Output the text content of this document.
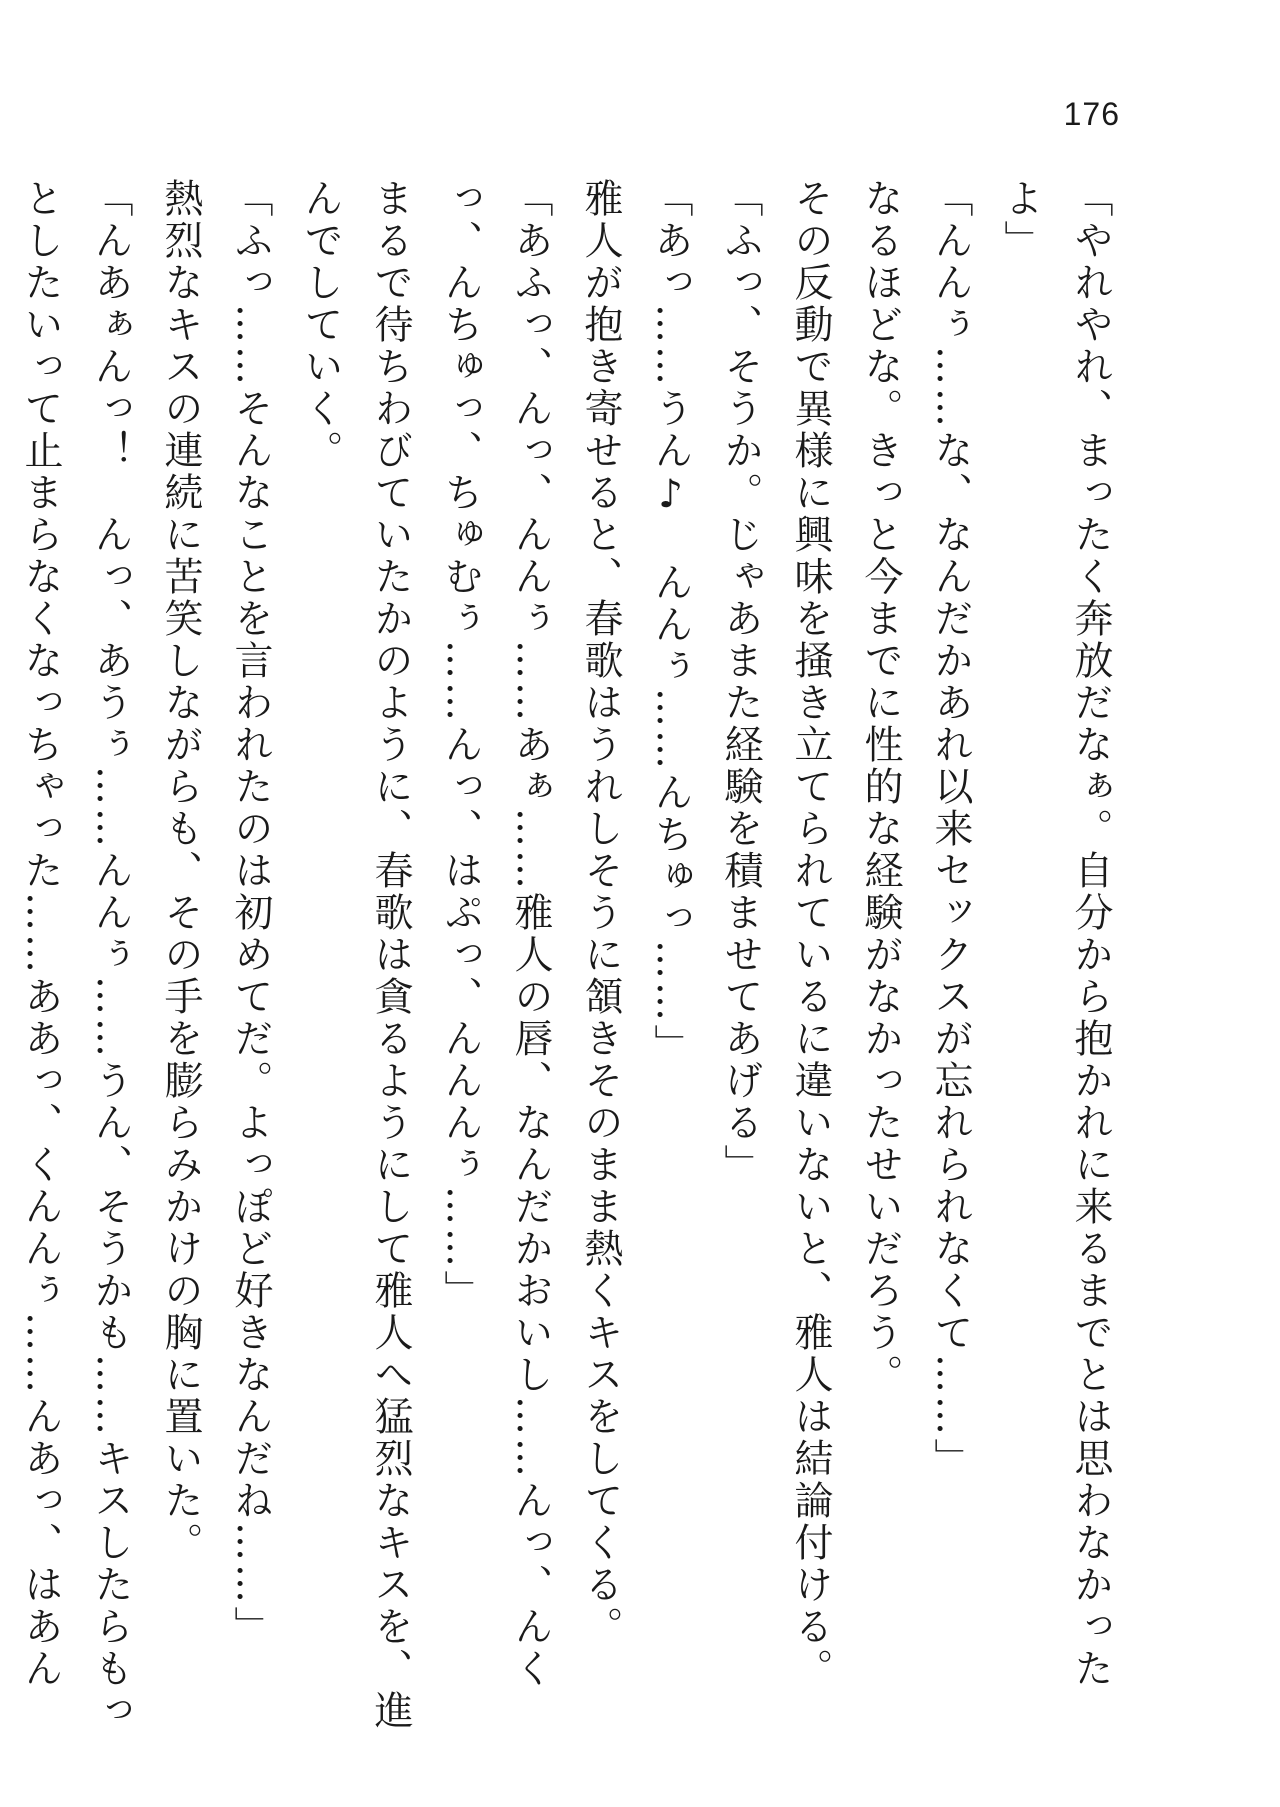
176

「やれやれ、まったく奔放だなぁ。自分から抱かれに来るまでとは思わなかったよ」

「んんぅ……な、なんだかあれ以来セックスが忘れられなくて……」

なるほどな。きっと今までに性的な経験がなかったせいだろう。

その反動で異様に興味を掻き立てられているに違いないと、雅人は結論付ける。

「ふっ、そうか。じゃあまた経験を積ませてあげる」

「あっ……うん♪　んんぅ……んちゅっ……」

雅人が抱き寄せると、春歌はうれしそうに頷きそのまま熱くキスをしてくる。

「あふっ、んっ、んんぅ……あぁ……雅人の唇、なんだかおいし……んっ、んくっ、んちゅっ、ちゅむぅ……んっ、はぷっ、んんんぅ……」

まるで待ちわびていたかのように、春歌は貪るようにして雅人へ猛烈なキスを、進んでしていく。

「ふっ……そんなことを言われたのは初めてだ。よっぽど好きなんだね……」

熱烈なキスの連続に苦笑しながらも、その手を膨らみかけの胸に置いた。

「んあぁんっ！　んっ、あうぅ……んんぅ……うん、そうかも……キスしたらもっとしたいって止まらなくなっちゃった……ああっ、くんんぅ……んあっ、はあん　
